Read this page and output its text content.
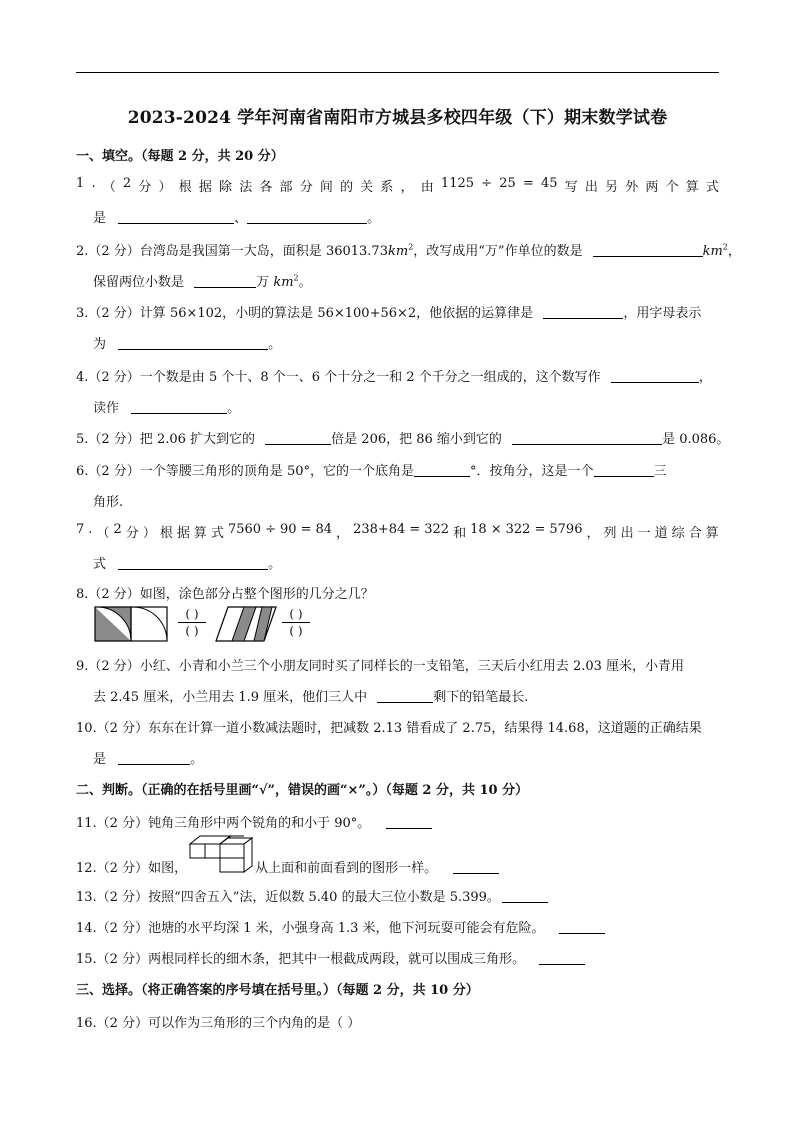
2023-2024 学年河南省南阳市方城县多校四年级（下）期末数学试卷
一、填空。（每题 2 分，共 20 分）
1 . （ 2 分 ） 根 据 除 法 各 部 分 间 的 关 系 ， 由 1125 ÷ 25 = 45 写 出 另 外 两 个 算 式
是	、	。
2.（2 分）台湾岛是我国第一大岛，面积是 $36013.73km^2$，改写成用“万”作单位的数是	$km^2$，
保留两位小数是	万 $km^2$。
3.（2 分）计算 56×102，小明的算法是 56×100+56×2，他依据的运算律是	，用字母表示
为	。
4.（2 分）一个数是由 5 个十、8 个一、6 个十分之一和 2 个千分之一组成的，这个数写作	，
读作	。
5.（2 分）把 2.06 扩大到它的	倍是 206，把 86 缩小到它的	是 0.086。
6.（2 分）一个等腰三角形的顶角是 50°，它的一个底角是	°．按角分，这是一个	三
角形.
7 . （ 2 分 ） 根 据 算 式 7560 ÷ 90 = 84 ， 238+84 = 322 和 18 × 322 = 5796 ， 列 出 一 道 综 合 算
式	。
8.（2 分）如图，涂色部分占整个图形的几分之几？
( )
( )
( )
( )
9.（2 分）小红、小青和小兰三个小朋友同时买了同样长的一支铅笔，三天后小红用去 2.03 厘米，小青用
去 2.45 厘米，小兰用去 1.9 厘米，他们三人中	剩下的铅笔最长.
10.（2 分）东东在计算一道小数减法题时，把减数 2.13 错看成了 2.75，结果得 14.68，这道题的正确结果
是	。
二、判断。（正确的在括号里画“√”，错误的画“×”。）（每题 2 分，共 10 分）
11.（2 分）钝角三角形中两个锐角的和小于 90°。
12.（2 分）如图，	从上面和前面看到的图形一样。
13.（2 分）按照“四舍五入”法，近似数 5.40 的最大三位小数是 5.399。
14.（2 分）池塘的水平均深 1 米，小强身高 1.3 米，他下河玩耍可能会有危险。
15.（2 分）两根同样长的细木条，把其中一根截成两段，就可以围成三角形。
三、选择。（将正确答案的序号填在括号里。）（每题 2 分，共 10 分）
16.（2 分）可以作为三角形的三个内角的是（ ）
